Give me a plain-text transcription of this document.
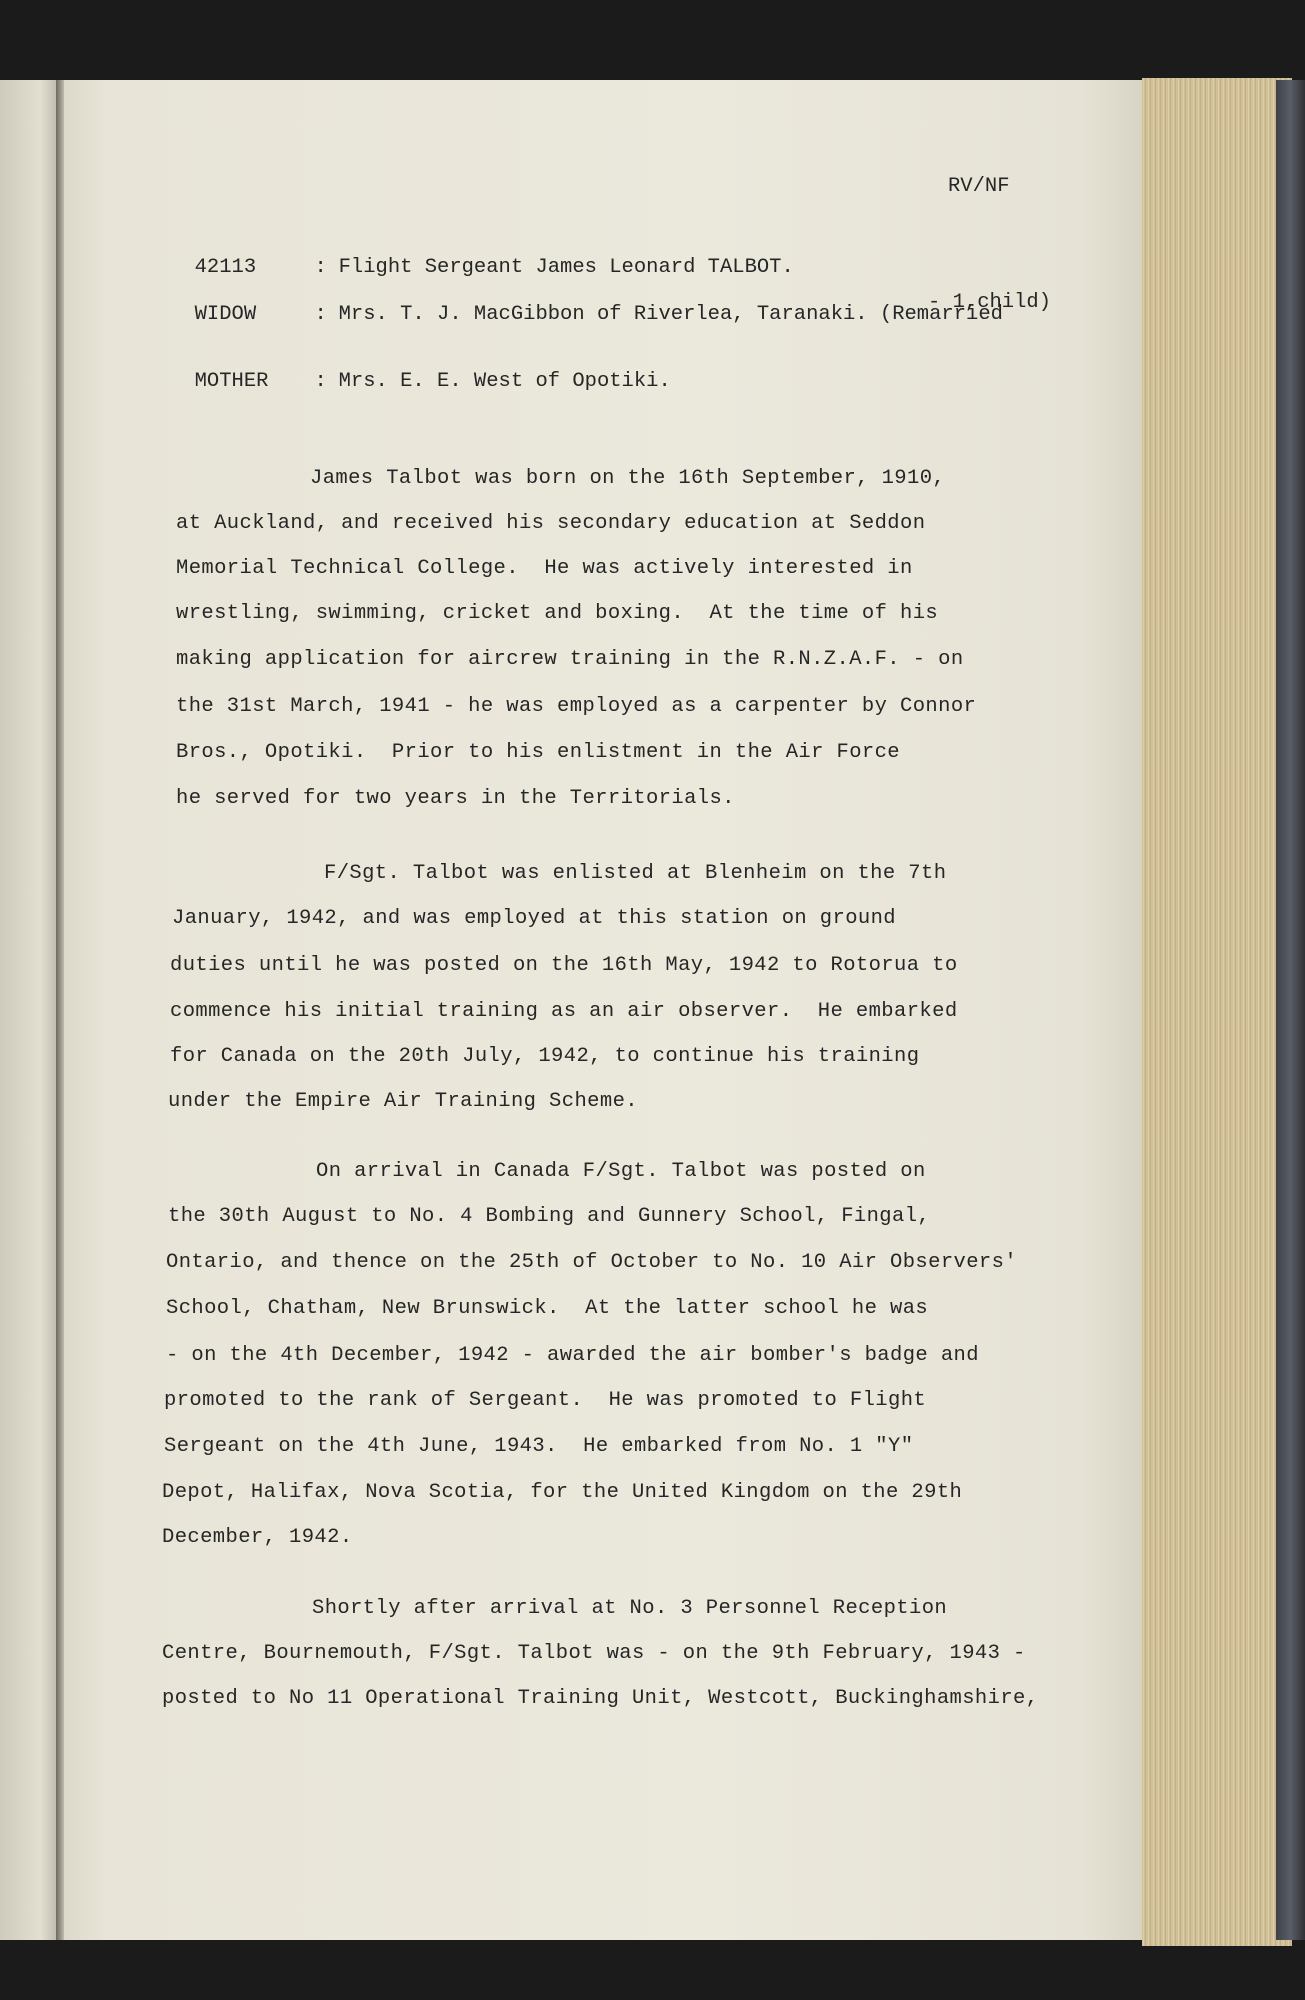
RV/NF

42113	: Flight Sergeant James Leonard TALBOT.

WIDOW	: Mrs. T. J. MacGibbon of Riverlea, Taranaki. (Remarried

- 1,child)

MOTHER : Mrs. E. E. West of Opotiki.

James Talbot was born on the 16th September, 1910,
at Auckland, and received his secondary education at Seddon
Memorial Technical College.  He was actively interested in
wrestling, swimming, cricket and boxing.  At the time of his
making application for aircrew training in the R.N.Z.A.F. - on
the 31st March, 1941 - he was employed as a carpenter by Connor
Bros., Opotiki.  Prior to his enlistment in the Air Force
he served for two years in the Territorials.
F/Sgt. Talbot was enlisted at Blenheim on the 7th
January, 1942, and was employed at this station on ground
duties until he was posted on the 16th May, 1942 to Rotorua to
commence his initial training as an air observer.  He embarked
for Canada on the 20th July, 1942, to continue his training
under the Empire Air Training Scheme.
On arrival in Canada F/Sgt. Talbot was posted on
the 30th August to No. 4 Bombing and Gunnery School, Fingal,
Ontario, and thence on the 25th of October to No. 10 Air Observers'
School, Chatham, New Brunswick.  At the latter school he was
- on the 4th December, 1942 - awarded the air bomber's badge and
promoted to the rank of Sergeant.  He was promoted to Flight
Sergeant on the 4th June, 1943.  He embarked from No. 1 "Y"
Depot, Halifax, Nova Scotia, for the United Kingdom on the 29th
December, 1942.
Shortly after arrival at No. 3 Personnel Reception
Centre, Bournemouth, F/Sgt. Talbot was - on the 9th February, 1943 -
posted to No 11 Operational Training Unit, Westcott, Buckinghamshire,
